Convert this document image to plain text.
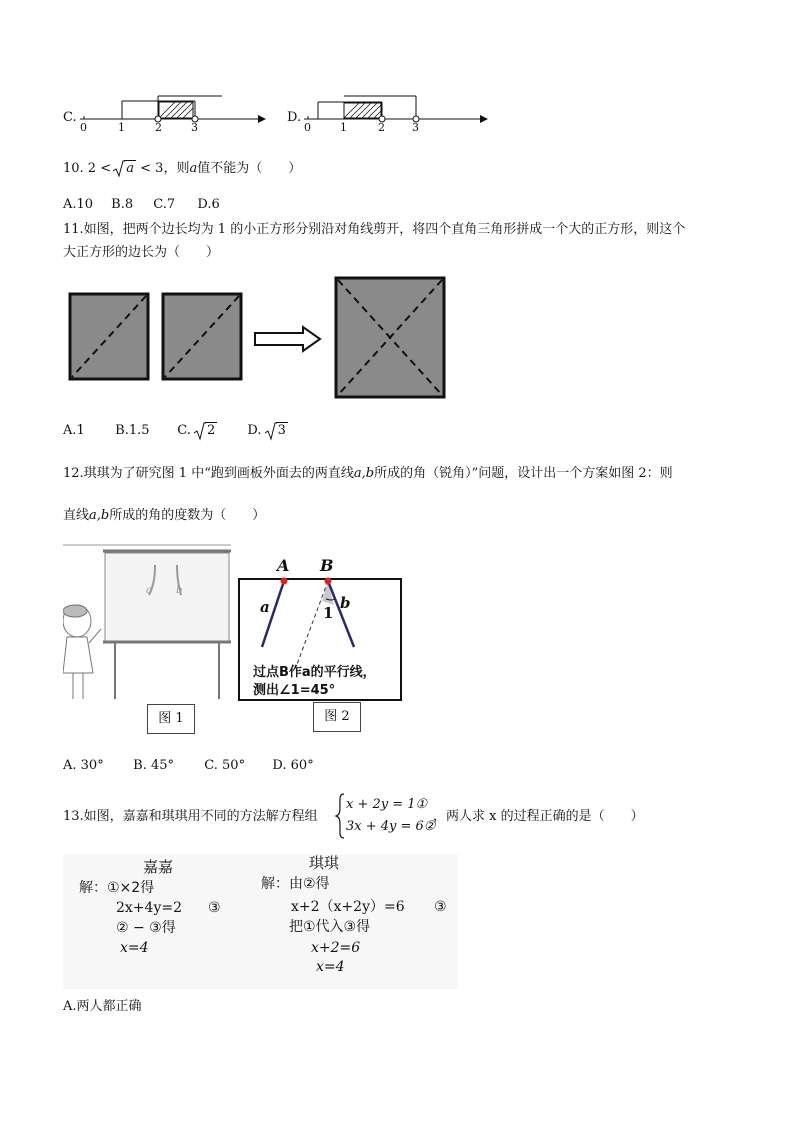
C.
0	1	2	3
D.
0	1	2 3
10. 2 < a < 3，则a值不能为（　　）
A.10 B.8 C.7 D.6
11.如图，把两个边长均为 1 的小正方形分别沿对角线剪开，将四个直角三角形拼成一个大的正方形，则这个
大正方形的边长为（　　）
A.1 B.1.5 C. 2 D. 3
12.琪琪为了研究图 1 中“跑到画板外面去的两直线a,b所成的角（锐角）”问题，设计出一个方案如图 2：则
直线a,b所成的角的度数为（　　）
a b
图 1
A B
a	b
1
过点B作a的平行线，
测出∠1=45°
图 2
A. 30° B. 45° C. 50° D. 60°
13.如图，嘉嘉和琪琪用不同的方法解方程组
x + 2y = 1①
3x + 4y = 6②
，两人求 x 的过程正确的是（　　）
嘉嘉
解：①×2得
2x+4y=2 ③
② − ③得
x=4
琪琪
解：由②得
x+2（x+2y）=6 ③
把①代入③得
x+2=6
x=4
A.两人都正确
